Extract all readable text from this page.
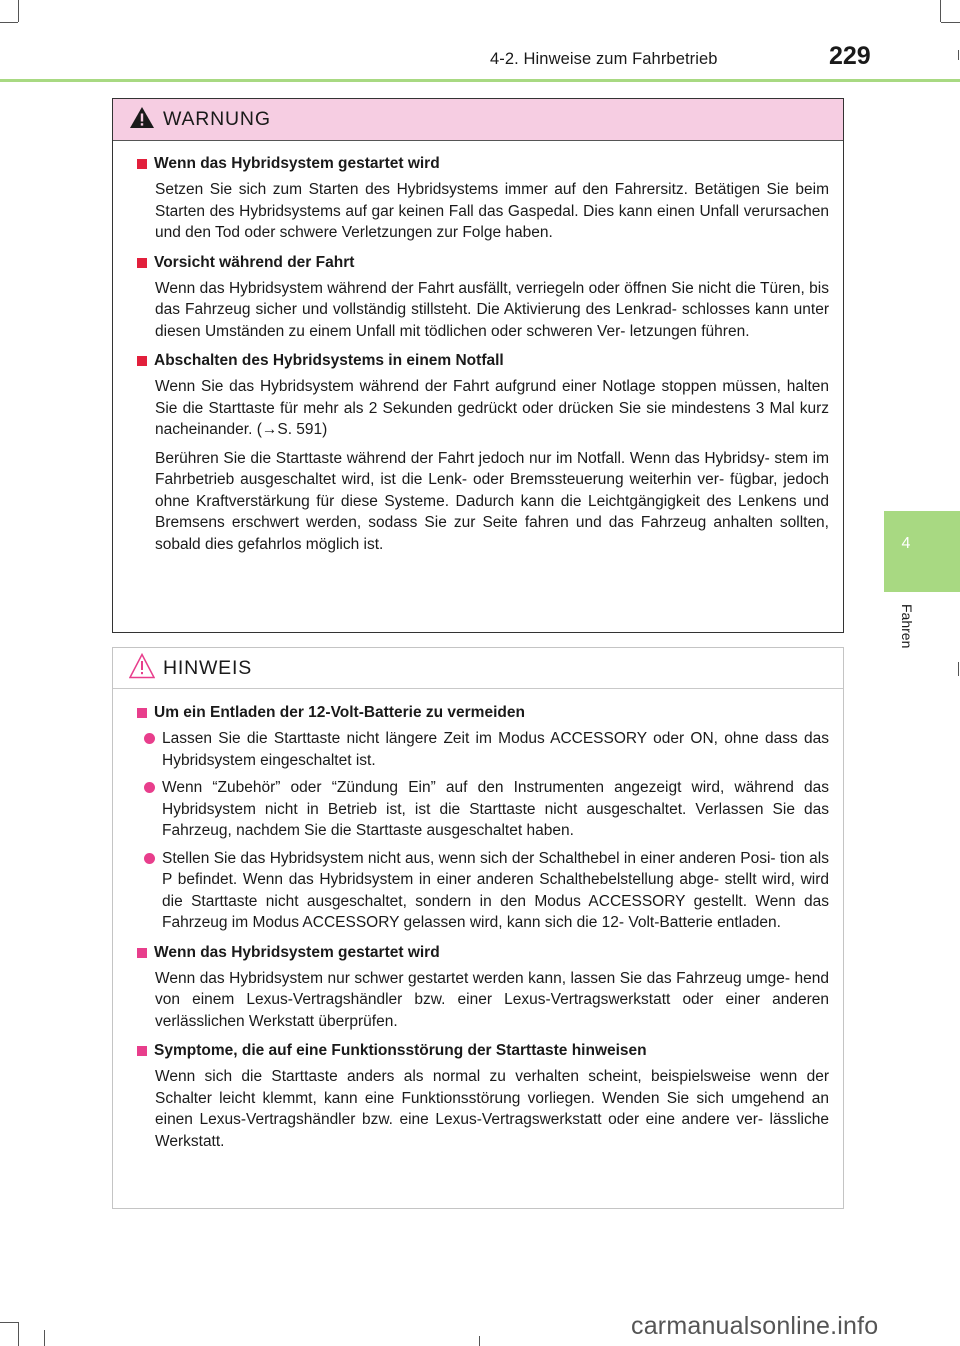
4-2. Hinweise zum Fahrbetrieb	229
4
Fahren
WARNUNG
Wenn das Hybridsystem gestartet wird
Setzen Sie sich zum Starten des Hybridsystems immer auf den Fahrersitz. Betätigen Sie beim Starten des Hybridsystems auf gar keinen Fall das Gaspedal. Dies kann einen Unfall verursachen und den Tod oder schwere Verletzungen zur Folge haben.
Vorsicht während der Fahrt
Wenn das Hybridsystem während der Fahrt ausfällt, verriegeln oder öffnen Sie nicht die Türen, bis das Fahrzeug sicher und vollständig stillsteht. Die Aktivierung des Lenkrad- schlosses kann unter diesen Umständen zu einem Unfall mit tödlichen oder schweren Ver- letzungen führen.
Abschalten des Hybridsystems in einem Notfall
Wenn Sie das Hybridsystem während der Fahrt aufgrund einer Notlage stoppen müssen, halten Sie die Starttaste für mehr als 2 Sekunden gedrückt oder drücken Sie sie mindestens 3 Mal kurz nacheinander. (→S. 591)
Berühren Sie die Starttaste während der Fahrt jedoch nur im Notfall. Wenn das Hybridsy- stem im Fahrbetrieb ausgeschaltet wird, ist die Lenk- oder Bremssteuerung weiterhin ver- fügbar, jedoch ohne Kraftverstärkung für diese Systeme. Dadurch kann die Leichtgängigkeit des Lenkens und Bremsens erschwert werden, sodass Sie zur Seite fahren und das Fahrzeug anhalten sollten, sobald dies gefahrlos möglich ist.
HINWEIS
Um ein Entladen der 12-Volt-Batterie zu vermeiden
Lassen Sie die Starttaste nicht längere Zeit im Modus ACCESSORY oder ON, ohne dass das Hybridsystem eingeschaltet ist.
Wenn “Zubehör” oder “Zündung Ein” auf den Instrumenten angezeigt wird, während das Hybridsystem nicht in Betrieb ist, ist die Starttaste nicht ausgeschaltet. Verlassen Sie das Fahrzeug, nachdem Sie die Starttaste ausgeschaltet haben.
Stellen Sie das Hybridsystem nicht aus, wenn sich der Schalthebel in einer anderen Posi- tion als P befindet. Wenn das Hybridsystem in einer anderen Schalthebelstellung abge- stellt wird, wird die Starttaste nicht ausgeschaltet, sondern in den Modus ACCESSORY gestellt. Wenn das Fahrzeug im Modus ACCESSORY gelassen wird, kann sich die 12- Volt-Batterie entladen.
Wenn das Hybridsystem gestartet wird
Wenn das Hybridsystem nur schwer gestartet werden kann, lassen Sie das Fahrzeug umge- hend von einem Lexus-Vertragshändler bzw. einer Lexus-Vertragswerkstatt oder einer anderen verlässlichen Werkstatt überprüfen.
Symptome, die auf eine Funktionsstörung der Starttaste hinweisen
Wenn sich die Starttaste anders als normal zu verhalten scheint, beispielsweise wenn der Schalter leicht klemmt, kann eine Funktionsstörung vorliegen. Wenden Sie sich umgehend an einen Lexus-Vertragshändler bzw. eine Lexus-Vertragswerkstatt oder eine andere ver- lässliche Werkstatt.
carmanualsonline.info
